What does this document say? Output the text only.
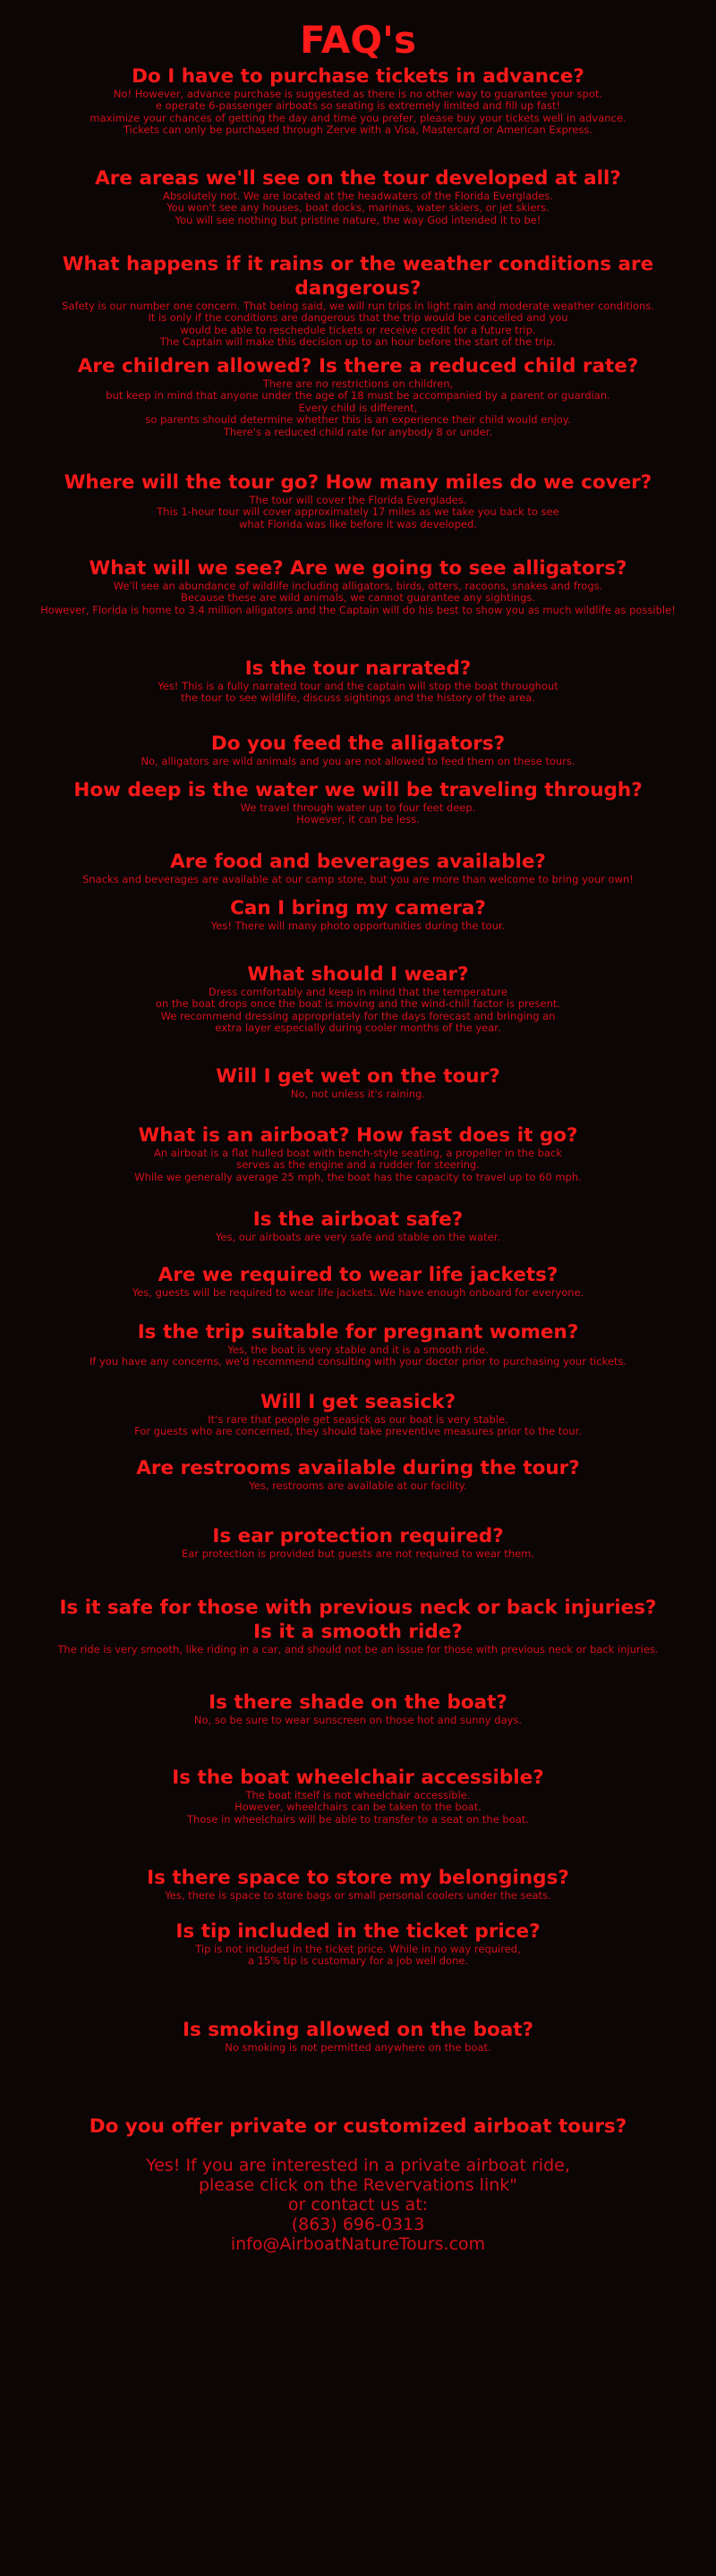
FAQ's
Do I have to purchase tickets in advance?

No! However, advance purchase is suggested as there is no other way to guarantee your spot.

e operate 6-passenger airboats so seating is extremely limited and fill up fast!

maximize your chances of getting the day and time you prefer, please buy your tickets well in advance.

Tickets can only be purchased through Zerve with a Visa, Mastercard or American Express.

Are areas we'll see on the tour developed at all?

Absolutely not. We are located at the headwaters of the Florida Everglades.

You won't see any houses, boat docks, marinas, water skiers, or jet skiers.

You will see nothing but pristine nature, the way God intended it to be!

What happens if it rains or the weather conditions are dangerous?

Safety is our number one concern. That being said, we will run trips in light rain and moderate weather conditions.

It is only if the conditions are dangerous that the trip would be cancelled and you

would be able to reschedule tickets or receive credit for a future trip.

The Captain will make this decision up to an hour before the start of the trip.

Are children allowed? Is there a reduced child rate?

There are no restrictions on children,

but keep in mind that anyone under the age of 18 must be accompanied by a parent or guardian.

Every child is different,

so parents should determine whether this is an experience their child would enjoy.

There's a reduced child rate for anybody 8 or under.

Where will the tour go? How many miles do we cover?

The tour will cover the Florida Everglades.

This 1-hour tour will cover approximately 17 miles as we take you back to see

what Florida was like before it was developed.

What will we see? Are we going to see alligators?

We'll see an abundance of wildlife including alligators, birds, otters, racoons, snakes and frogs.

Because these are wild animals, we cannot guarantee any sightings.

However, Florida is home to 3.4 million alligators and the Captain will do his best to show you as much wildlife as possible!

Is the tour narrated?

Yes! This is a fully narrated tour and the captain will stop the boat throughout

the tour to see wildlife, discuss sightings and the history of the area.

Do you feed the alligators?

No, alligators are wild animals and you are not allowed to feed them on these tours.

How deep is the water we will be traveling through?

We travel through water up to four feet deep.

However, it can be less.

Are food and beverages available?

Snacks and beverages are available at our camp store, but you are more than welcome to bring your own!

Can I bring my camera?

Yes! There will many photo opportunities during the tour.

What should I wear?

Dress comfortably and keep in mind that the temperature

on the boat drops once the boat is moving and the wind-chill factor is present.

We recommend dressing appropriately for the days forecast and bringing an

extra layer especially during cooler months of the year.

Will I get wet on the tour?

No, not unless it's raining.

What is an airboat? How fast does it go?

An airboat is a flat hulled boat with bench-style seating, a propeller in the back

serves as the engine and a rudder for steering.

While we generally average 25 mph, the boat has the capacity to travel up to 60 mph.

Is the airboat safe?

Yes, our airboats are very safe and stable on the water.

Are we required to wear life jackets?

Yes, guests will be required to wear life jackets. We have enough onboard for everyone.

Is the trip suitable for pregnant women?

Yes, the boat is very stable and it is a smooth ride.

If you have any concerns, we'd recommend consulting with your doctor prior to purchasing your tickets.

Will I get seasick?

It's rare that people get seasick as our boat is very stable.

For guests who are concerned, they should take preventive measures prior to the tour.

Are restrooms available during the tour?

Yes, restrooms are available at our facility.

Is ear protection required?

Ear protection is provided but guests are not required to wear them.

Is it safe for those with previous neck or back injuries?
Is it a smooth ride?

The ride is very smooth, like riding in a car, and should not be an issue for those with previous neck or back injuries.

Is there shade on the boat?

No, so be sure to wear sunscreen on those hot and sunny days.

Is the boat wheelchair accessible?

The boat itself is not wheelchair accessible.

However, wheelchairs can be taken to the boat.

Those in wheelchairs will be able to transfer to a seat on the boat.

Is there space to store my belongings?

Yes, there is space to store bags or small personal coolers under the seats.

Is tip included in the ticket price?

Tip is not included in the ticket price. While in no way required,

a 15% tip is customary for a job well done.

Is smoking allowed on the boat?

No smoking is not permitted anywhere on the boat.

Do you offer private or customized airboat tours?

Yes! If you are interested in a private airboat ride,

please click on the Revervations link"

or contact us at:

(863) 696-0313

info@AirboatNatureTours.com
